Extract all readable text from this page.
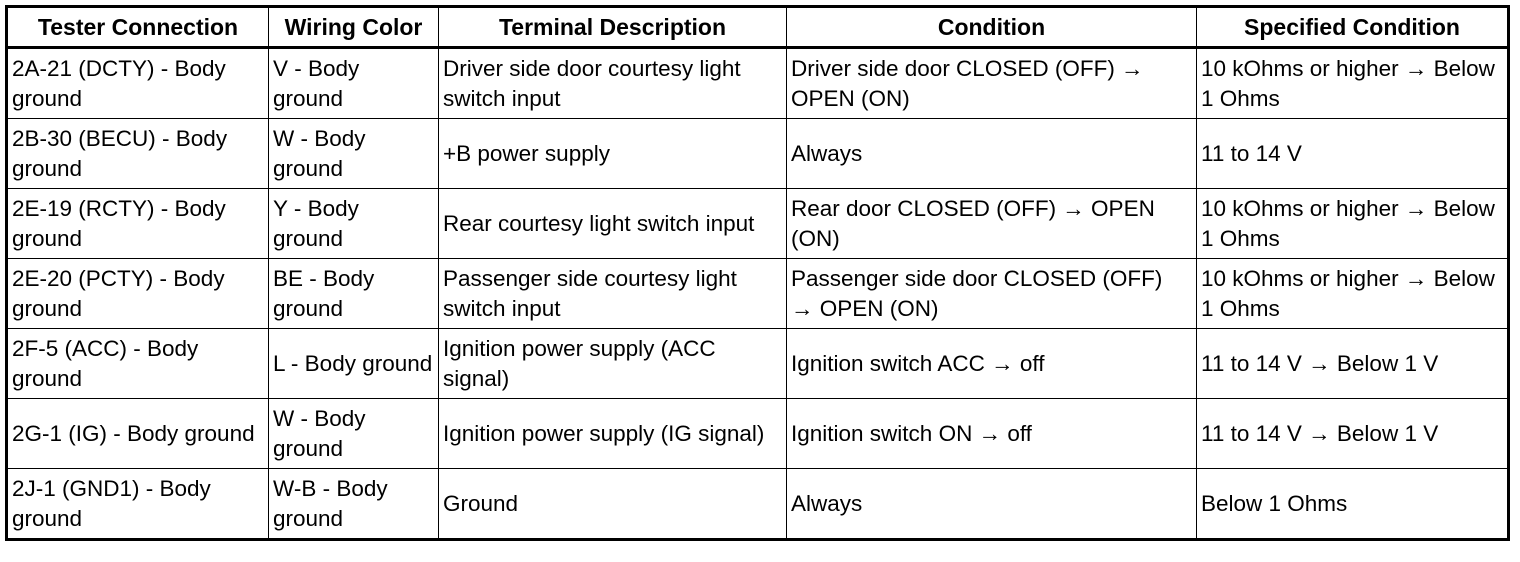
Tester Connection	Wiring Color	Terminal Description	Condition	Specified Condition
2A-21 (DCTY) - Body ground	V - Body ground	Driver side door courtesy light switch input	Driver side door CLOSED (OFF) → OPEN (ON)	10 kOhms or higher → Below 1 Ohms
2B-30 (BECU) - Body ground	W - Body ground	+B power supply	Always	11 to 14 V
2E-19 (RCTY) - Body ground	Y - Body ground	Rear courtesy light switch input	Rear door CLOSED (OFF) → OPEN (ON)	10 kOhms or higher → Below 1 Ohms
2E-20 (PCTY) - Body ground	BE - Body ground	Passenger side courtesy light switch input	Passenger side door CLOSED (OFF) → OPEN (ON)	10 kOhms or higher → Below 1 Ohms
2F-5 (ACC) - Body ground	L - Body ground	Ignition power supply (ACC signal)	Ignition switch ACC → off	11 to 14 V → Below 1 V
2G-1 (IG) - Body ground	W - Body ground	Ignition power supply (IG signal)	Ignition switch ON → off	11 to 14 V → Below 1 V
2J-1 (GND1) - Body ground	W-B - Body ground	Ground	Always	Below 1 Ohms
